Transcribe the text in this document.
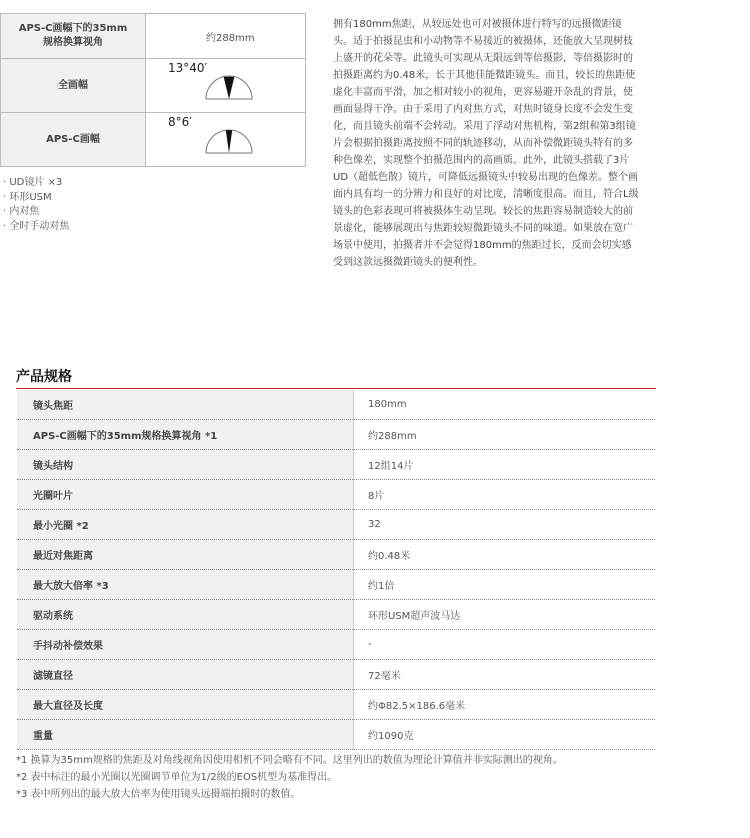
APS-C画幅下的35mm
规格换算视角	约288mm
全画幅	13°40′

APS-C画幅	8°6′
· UD镜片 ×3
· 环形USM
· 内对焦
· 全时手动对焦
拥有180mm焦距，从较远处也可对被摄体进行特写的远摄微距镜头。适于拍摄昆虫和小动物等不易接近的被摄体，还能放大呈现树枝上盛开的花朵等。此镜头可实现从无限远到等倍摄影，等倍摄影时的拍摄距离约为0.48米，长于其他佳能微距镜头。而且，较长的焦距使虚化丰富而平滑，加之相对较小的视角，更容易避开杂乱的背景，使画面显得干净。由于采用了内对焦方式，对焦时镜身长度不会发生变化，而且镜头前端不会转动。采用了浮动对焦机构，第2组和第3组镜片会根据拍摄距离按照不同的轨迹移动，从而补偿微距镜头特有的多种色像差，实现整个拍摄范围内的高画质。此外，此镜头搭载了3片UD（超低色散）镜片，可降低远摄镜头中较易出现的色像差。整个画面内具有均一的分辨力和良好的对比度，清晰度很高。而且，符合L级镜头的色彩表现可将被摄体生动呈现。较长的焦距容易制造较大的前景虚化，能够展现出与焦距较短微距镜头不同的味道。如果放在宽广场景中使用，拍摄者并不会觉得180mm的焦距过长，反而会切实感受到这款远摄微距镜头的便利性。
产品规格
镜头焦距	180mm
APS-C画幅下的35mm规格换算视角 *1	约288mm
镜头结构	12组14片
光圈叶片	8片
最小光圈 *2	32
最近对焦距离	约0.48米
最大放大倍率 *3	约1倍
驱动系统	环形USM超声波马达
手抖动补偿效果	-
滤镜直径	72毫米
最大直径及长度	约Φ82.5×186.6毫米
重量	约1090克
*1 换算为35mm规格的焦距及对角线视角因使用相机不同会略有不同。这里列出的数值为理论计算值并非实际测出的视角。
*2 表中标注的最小光圈以光圈调节单位为1/2级的EOS机型为基准得出。
*3 表中所列出的最大放大倍率为使用镜头远摄端拍摄时的数值。
